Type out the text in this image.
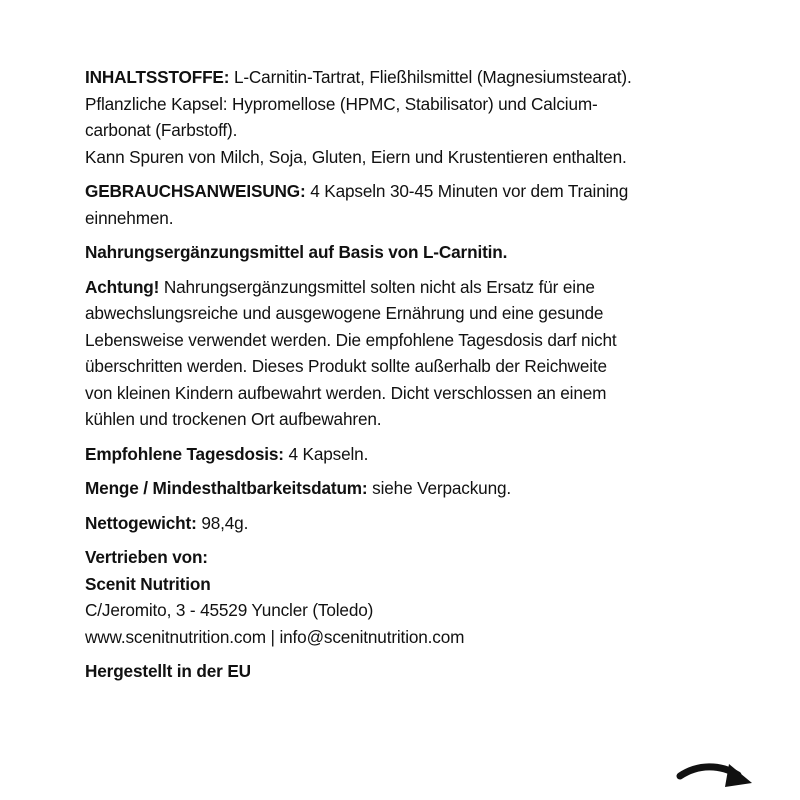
INHALTSSTOFFE: L-Carnitin-Tartrat, Fließhilsmittel (Magnesiumstearat).
Pflanzliche Kapsel: Hypromellose (HPMC, Stabilisator) und Calcium-
carbonat (Farbstoff).
Kann Spuren von Milch, Soja, Gluten, Eiern und Krustentieren enthalten.
GEBRAUCHSANWEISUNG: 4 Kapseln 30-45 Minuten vor dem Training
einnehmen.
Nahrungsergänzungsmittel auf Basis von L-Carnitin.
Achtung! Nahrungsergänzungsmittel solten nicht als Ersatz für eine
abwechslungsreiche und ausgewogene Ernährung und eine gesunde
Lebensweise verwendet werden. Die empfohlene Tagesdosis darf nicht
überschritten werden. Dieses Produkt sollte außerhalb der Reichweite
von kleinen Kindern aufbewahrt werden. Dicht verschlossen an einem
kühlen und trockenen Ort aufbewahren.
Empfohlene Tagesdosis: 4 Kapseln.
Menge / Mindesthaltbarkeitsdatum: siehe Verpackung.
Nettogewicht: 98,4g.
Vertrieben von:
Scenit Nutrition
C/Jeromito, 3 - 45529 Yuncler (Toledo)
www.scenitnutrition.com | info@scenitnutrition.com
Hergestellt in der EU
